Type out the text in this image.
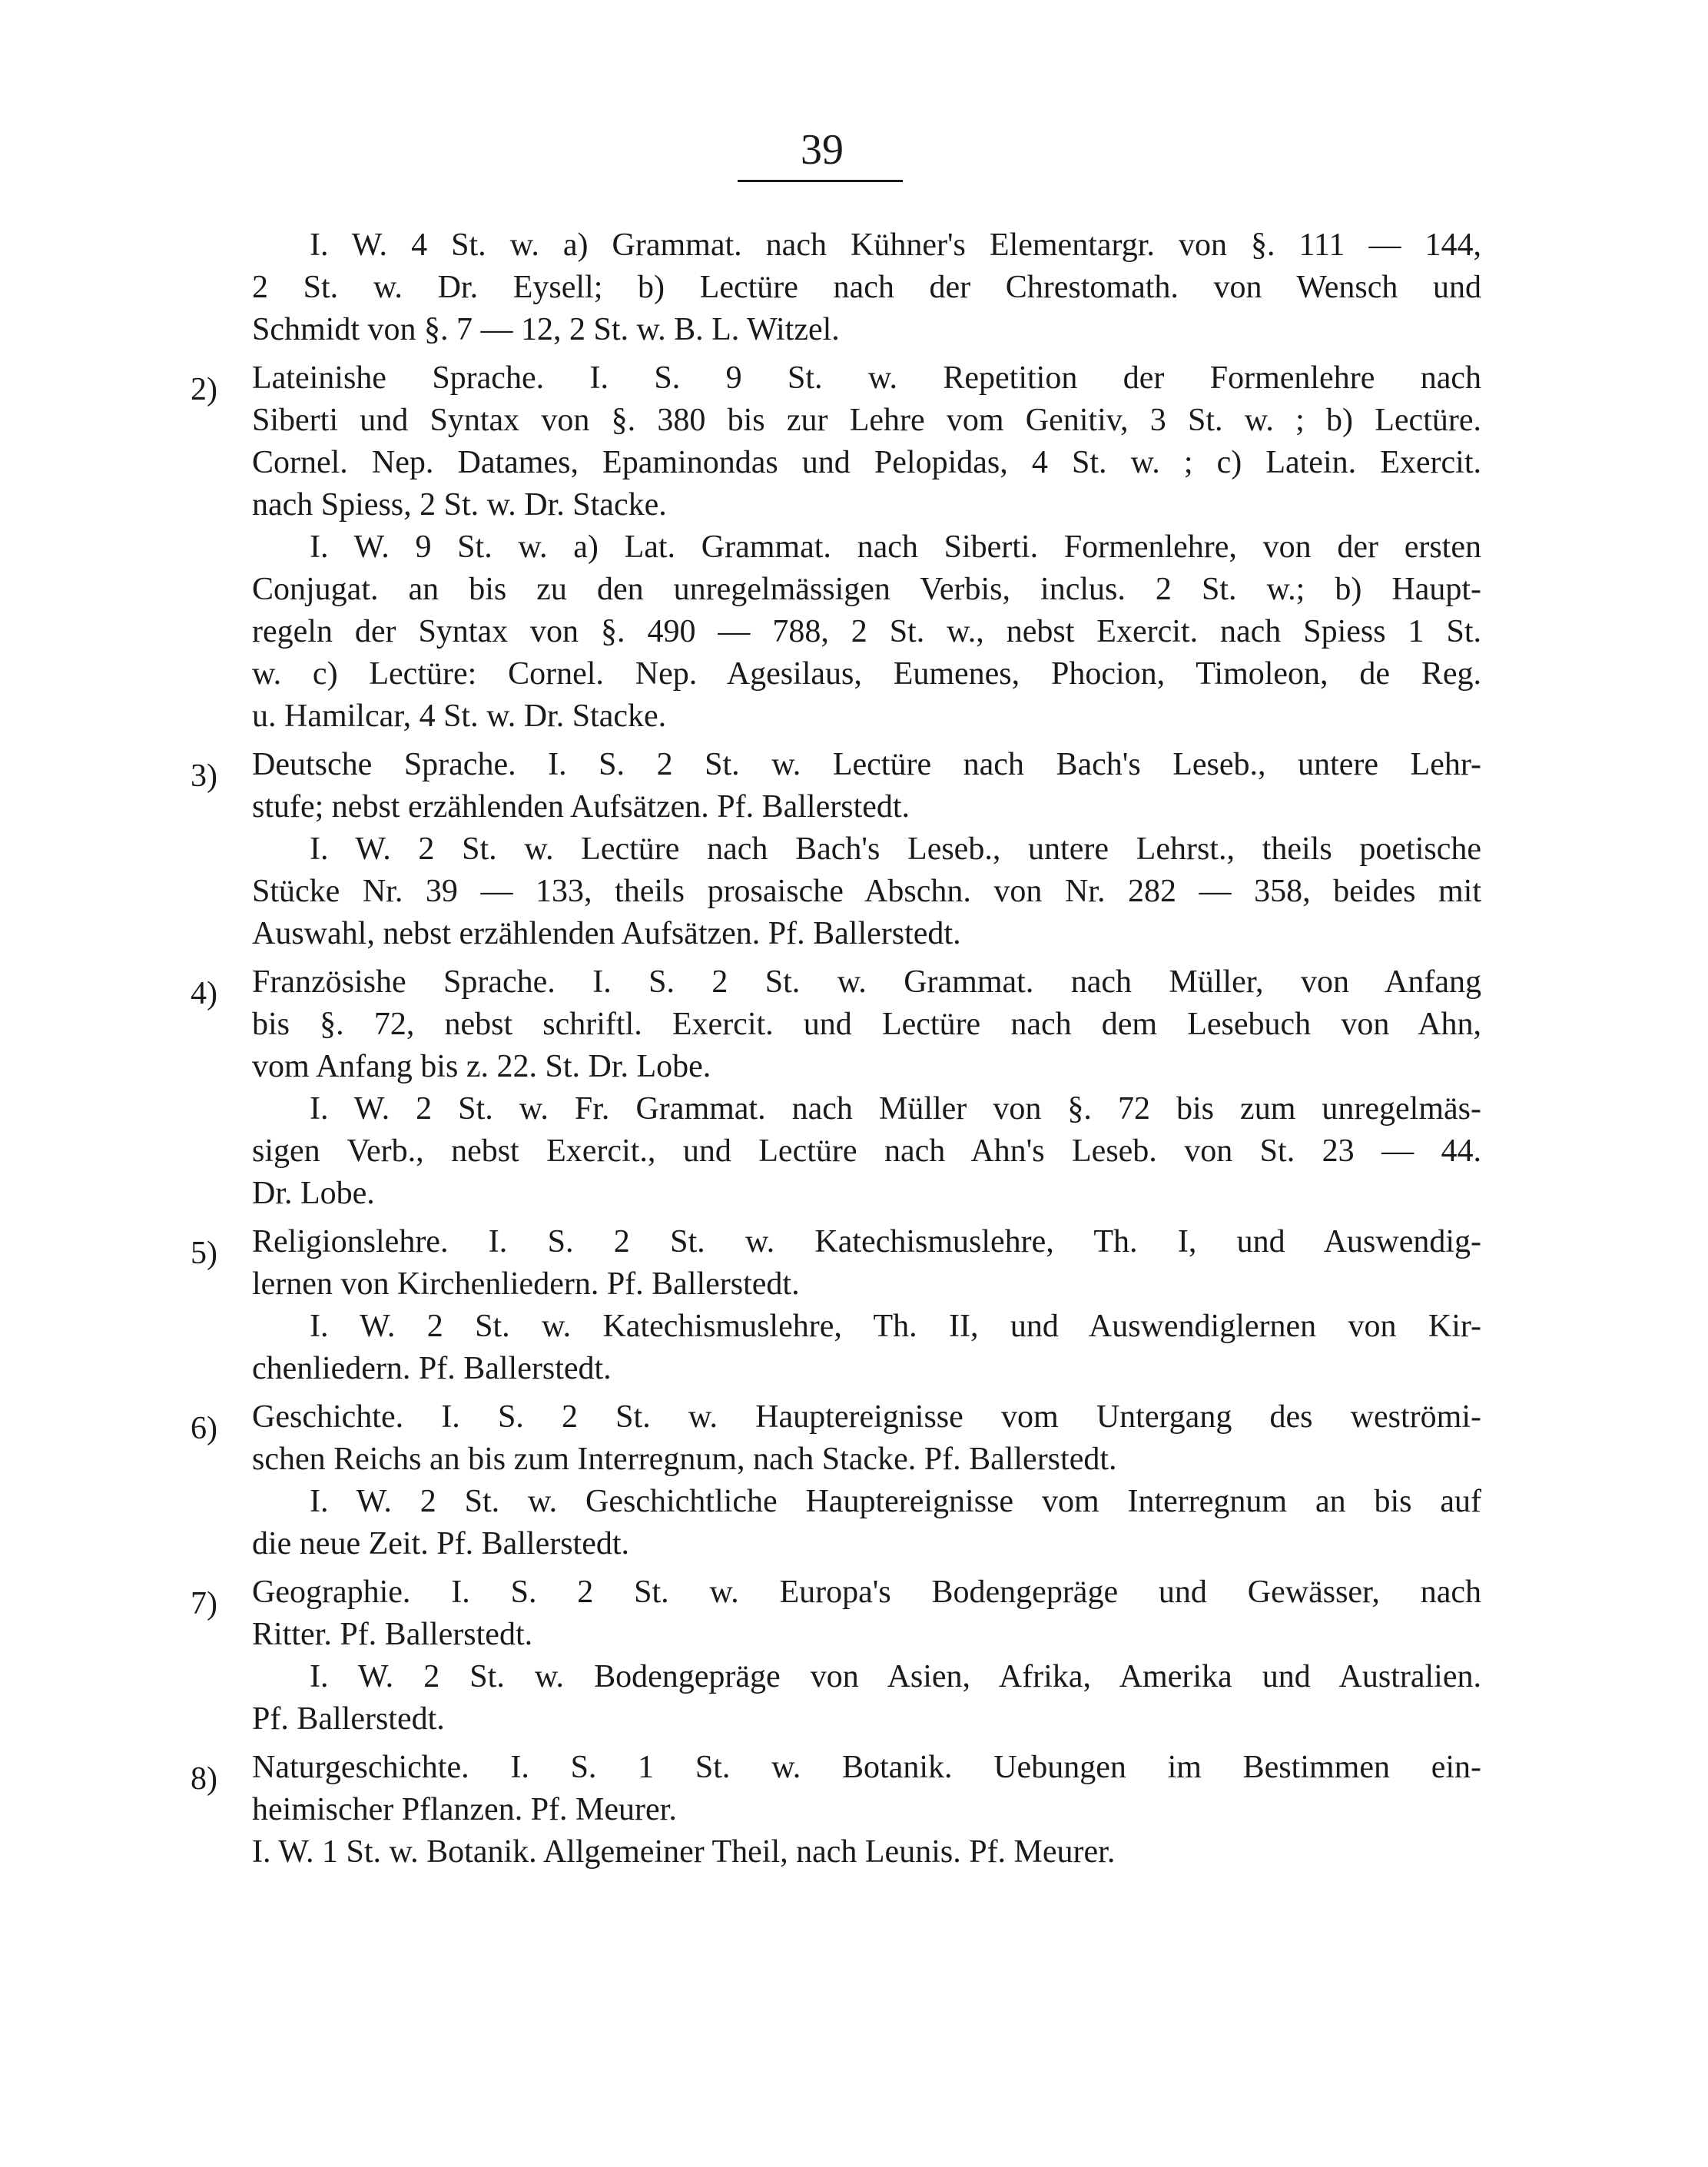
39
I. W. 4 St. w. a) Grammat. nach Kühner's Elementargr. von §. 111 — 144,
2 St. w. Dr. Eysell; b) Lectüre nach der Chrestomath. von Wensch und
Schmidt von §. 7 — 12, 2 St. w. B. L. Witzel.
2) Lateinishe Sprache. I. S. 9 St. w. Repetition der Formenlehre nach
Siberti und Syntax von §. 380 bis zur Lehre vom Genitiv, 3 St. w. ; b) Lectüre.
Cornel. Nep. Datames, Epaminondas und Pelopidas, 4 St. w. ; c) Latein. Exercit.
nach Spiess, 2 St. w. Dr. Stacke.
I. W. 9 St. w. a) Lat. Grammat. nach Siberti. Formenlehre, von der ersten
Conjugat. an bis zu den unregelmässigen Verbis, inclus. 2 St. w.; b) Haupt-
regeln der Syntax von §. 490 — 788, 2 St. w., nebst Exercit. nach Spiess 1 St.
w. c) Lectüre: Cornel. Nep. Agesilaus, Eumenes, Phocion, Timoleon, de Reg.
u. Hamilcar, 4 St. w. Dr. Stacke.
3) Deutsche Sprache. I. S. 2 St. w. Lectüre nach Bach's Leseb., untere Lehr-
stufe; nebst erzählenden Aufsätzen. Pf. Ballerstedt.
I. W. 2 St. w. Lectüre nach Bach's Leseb., untere Lehrst., theils poetische
Stücke Nr. 39 — 133, theils prosaische Abschn. von Nr. 282 — 358, beides mit
Auswahl, nebst erzählenden Aufsätzen. Pf. Ballerstedt.
4) Französishe Sprache. I. S. 2 St. w. Grammat. nach Müller, von Anfang
bis §. 72, nebst schriftl. Exercit. und Lectüre nach dem Lesebuch von Ahn,
vom Anfang bis z. 22. St. Dr. Lobe.
I. W. 2 St. w. Fr. Grammat. nach Müller von §. 72 bis zum unregelmäs-
sigen Verb., nebst Exercit., und Lectüre nach Ahn's Leseb. von St. 23 — 44.
Dr. Lobe.
5) Religionslehre. I. S. 2 St. w. Katechismuslehre, Th. I, und Auswendig-
lernen von Kirchenliedern. Pf. Ballerstedt.
I. W. 2 St. w. Katechismuslehre, Th. II, und Auswendiglernen von Kir-
chenliedern. Pf. Ballerstedt.
6) Geschichte. I. S. 2 St. w. Hauptereignisse vom Untergang des weströmi-
schen Reichs an bis zum Interregnum, nach Stacke. Pf. Ballerstedt.
I. W. 2 St. w. Geschichtliche Hauptereignisse vom Interregnum an bis auf
die neue Zeit. Pf. Ballerstedt.
7) Geographie. I. S. 2 St. w. Europa's Bodengepräge und Gewässer, nach
Ritter. Pf. Ballerstedt.
I. W. 2 St. w. Bodengepräge von Asien, Afrika, Amerika und Australien.
Pf. Ballerstedt.
8) Naturgeschichte. I. S. 1 St. w. Botanik. Uebungen im Bestimmen ein-
heimischer Pflanzen. Pf. Meurer.
I. W. 1 St. w. Botanik. Allgemeiner Theil, nach Leunis. Pf. Meurer.
